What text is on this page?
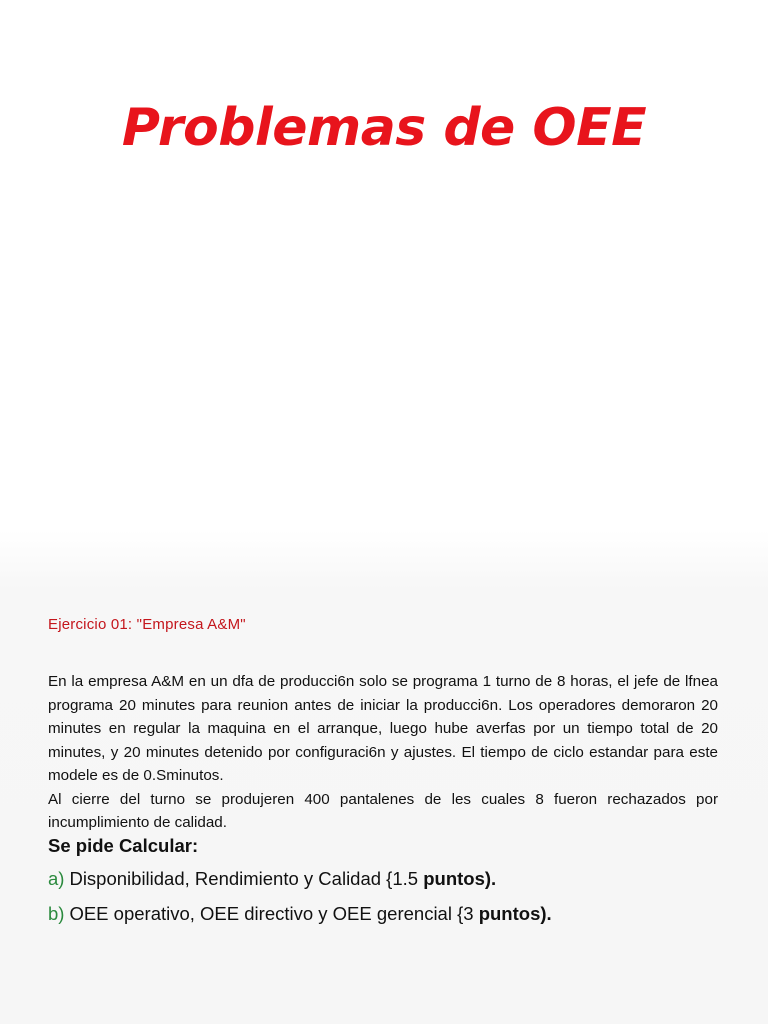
Problemas de OEE
Ejercicio 01: "Empresa A&M"
En la empresa A&M en un dfa de producci6n solo se programa 1 turno de 8 horas, el jefe de lfnea programa 20 minutes para reunion antes de iniciar la producci6n. Los operadores demoraron 20 minutes en regular la maquina en el arranque, luego hube averfas por un tiempo total de 20 minutes, y 20 minutes detenido por configuraci6n y ajustes. El tiempo de ciclo estandar para este modele es de 0.Sminutos.
Al cierre del turno se produjeren 400 pantalenes de les cuales 8 fueron rechazados por incumplimiento de calidad.
Se pide Calcular:

a) Disponibilidad, Rendimiento y Calidad {1.5 puntos).

b) OEE operativo, OEE directivo y OEE gerencial {3 puntos).
